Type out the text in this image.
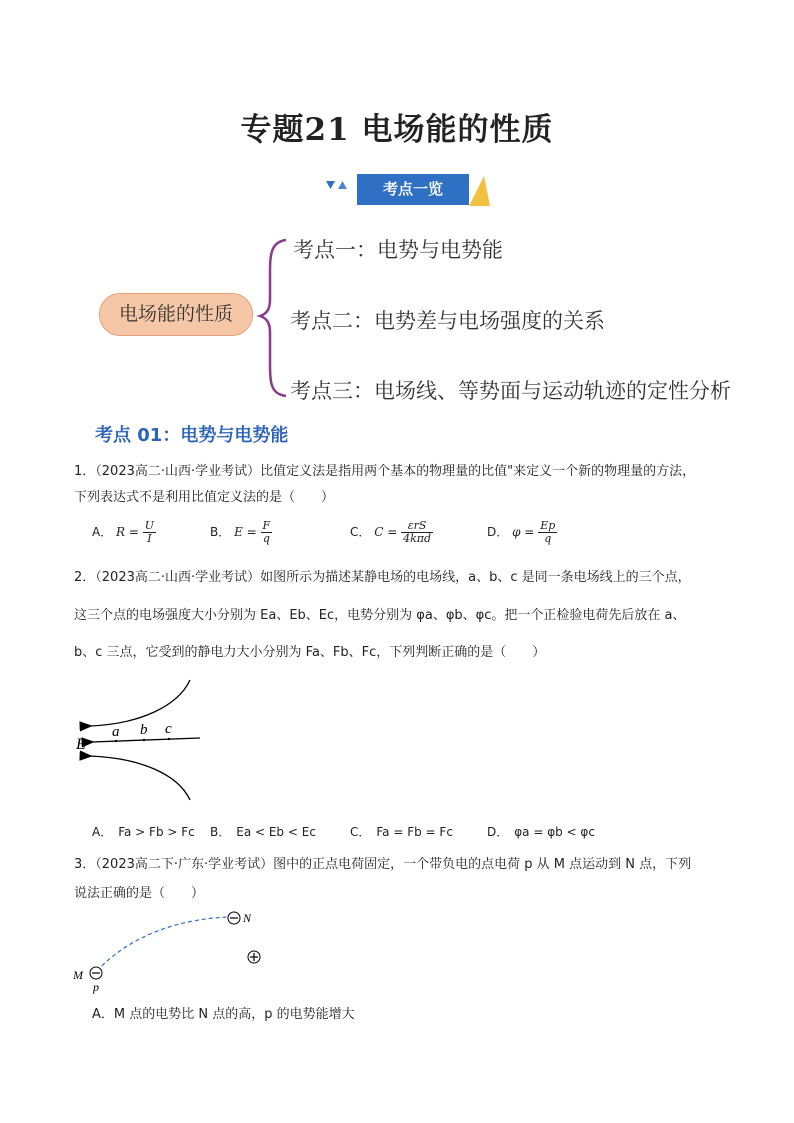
专题21 电场能的性质
考点一览
电场能的性质
考点一：电势与电势能
考点二：电势差与电场强度的关系
考点三：电场线、等势面与运动轨迹的定性分析
考点 01：电势与电势能
1．（2023高二·山西·学业考试）比值定义法是指用两个基本的物理量的比值"来定义一个新的物理量的方法，
下列表达式不是利用比值定义法的是（　　）
A． $R = \frac{U}{I}$	B． $E = \frac{F}{q}$	C． $C = \frac{\text{εrS}}{\text{4kπd}}$	D． $\varphi = \frac{Ep}{q}$
2．（2023高二·山西·学业考试）如图所示为描述某静电场的电场线，a、b、c 是同一条电场线上的三个点，
这三个点的电场强度大小分别为 Ea、Eb、Ec，电势分别为 φa、φb、φc。把一个正检验电荷先后放在 a、
b、c 三点，它受到的静电力大小分别为 Fa、Fb、Fc，下列判断正确的是（　　）
E
a b c
A．　Fa > Fb > Fc B．　Ea < Eb < Ec	C．　Fa = Fb = Fc	D．　φa = φb < φc
3．（2023高二下·广东·学业考试）图中的正点电荷固定，一个带负电的点电荷 p 从 M 点运动到 N 点，下列
说法正确的是（　　）
N
M
p
A．M 点的电势比 N 点的高，p 的电势能增大
